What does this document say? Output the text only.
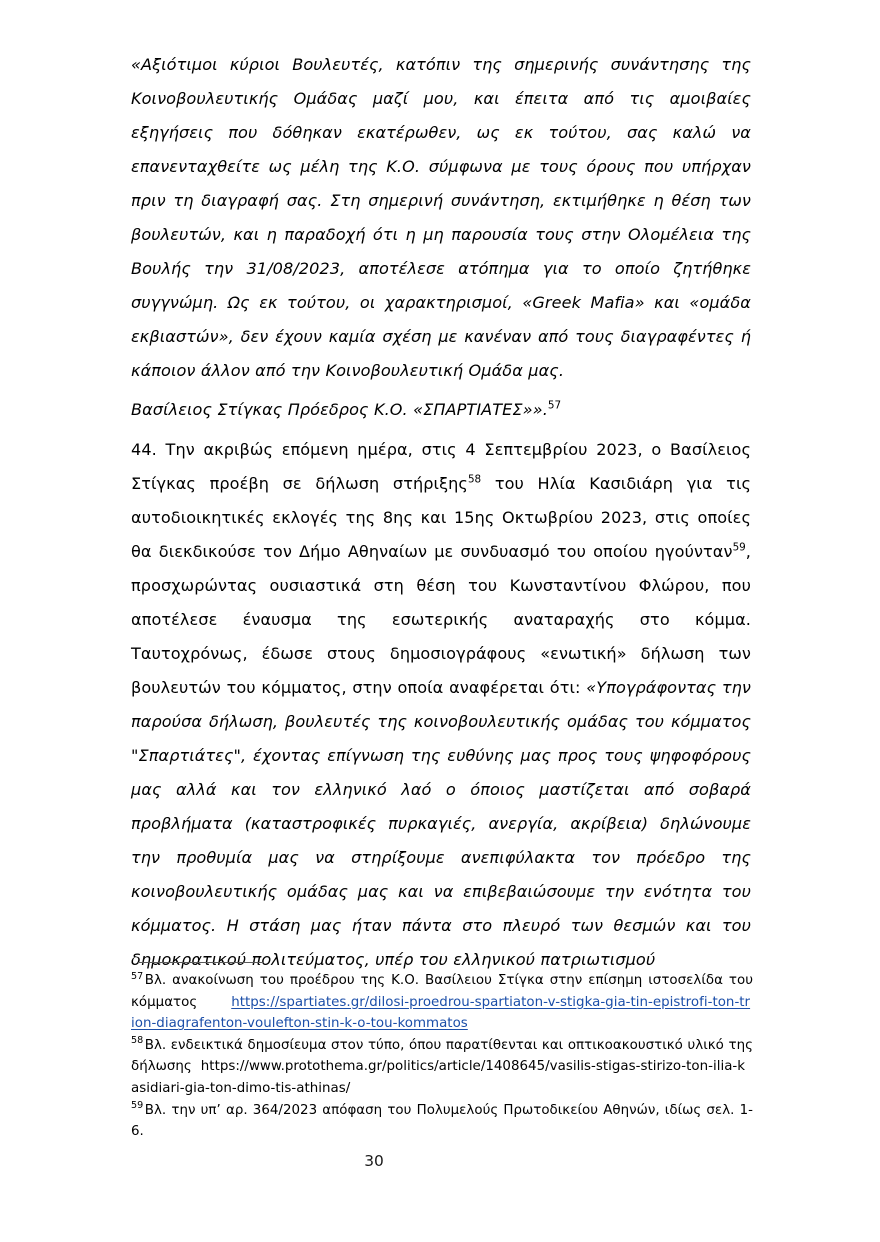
«Αξιότιμοι κύριοι Βουλευτές, κατόπιν της σημερινής συνάντησης της Κοινοβουλευτικής Ομάδας μαζί μου, και έπειτα από τις αμοιβαίες εξηγήσεις που δόθηκαν εκατέρωθεν, ως εκ τούτου, σας καλώ να επανενταχθείτε ως μέλη της Κ.Ο. σύμφωνα με τους όρους που υπήρχαν πριν τη διαγραφή σας. Στη σημερινή συνάντηση, εκτιμήθηκε η θέση των βουλευτών, και η παραδοχή ότι η μη παρουσία τους στην Ολομέλεια της Βουλής την 31/08/2023, αποτέλεσε ατόπημα για το οποίο ζητήθηκε συγγνώμη. Ως εκ τούτου, οι χαρακτηρισμοί, «Greek Mafia» και «ομάδα εκβιαστών», δεν έχουν καμία σχέση με κανέναν από τους διαγραφέντες ή κάποιον άλλον από την Κοινοβουλευτική Ομάδα μας.

Βασίλειος Στίγκας Πρόεδρος Κ.Ο. «ΣΠΑΡΤΙΑΤΕΣ»».$^{57}$

44. Την ακριβώς επόμενη ημέρα, στις 4 Σεπτεμβρίου 2023, ο Βασίλειος Στίγκας προέβη σε δήλωση στήριξης$^{58}$ του Ηλία Κασιδιάρη για τις αυτοδιοικητικές εκλογές της 8ης και 15ης Οκτωβρίου 2023, στις οποίες θα διεκδικούσε τον Δήμο Αθηναίων με συνδυασμό του οποίου ηγούνταν$^{59}$, προσχωρώντας ουσιαστικά στη θέση του Κωνσταντίνου Φλώρου, που αποτέλεσε έναυσμα της εσωτερικής αναταραχής στο κόμμα. Ταυτοχρόνως, έδωσε στους δημοσιογράφους «ενωτική» δήλωση των βουλευτών του κόμματος, στην οποία αναφέρεται ότι: «Υπογράφοντας την παρούσα δήλωση, βουλευτές της κοινοβουλευτικής ομάδας του κόμματος "Σπαρτιάτες", έχοντας επίγνωση της ευθύνης μας προς τους ψηφοφόρους μας αλλά και τον ελληνικό λαό ο όποιος μαστίζεται από σοβαρά προβλήματα (καταστροφικές πυρκαγιές, ανεργία, ακρίβεια) δηλώνουμε την προθυμία μας να στηρίξουμε ανεπιφύλακτα τον πρόεδρο της κοινοβουλευτικής ομάδας μας και να επιβεβαιώσουμε την ενότητα του κόμματος. Η στάση μας ήταν πάντα στο πλευρό των θεσμών και του δημοκρατικού πολιτεύματος, υπέρ του ελληνικού πατριωτισμού

$^{57}$ Βλ. ανακοίνωση του προέδρου της Κ.Ο. Βασίλειου Στίγκα στην επίσημη ιστοσελίδα του κόμματος	https://spartiates.gr/dilosi-proedrou-spartiaton-v-stigka-gia-tin-epistrofi-ton-trion-diagrafenton-voulefton-stin-k-o-tou-kommatos

$^{58}$ Βλ. ενδεικτικά δημοσίευμα στον τύπο, όπου παρατίθενται και οπτικοακουστικό υλικό της δήλωσης https://www.protothema.gr/politics/article/1408645/vasilis-stigas-stirizo-ton-ilia-kasidiari-gia-ton-dimo-tis-athinas/

$^{59}$ Βλ. την υπ’ αρ. 364/2023 απόφαση του Πολυμελούς Πρωτοδικείου Αθηνών, ιδίως σελ. 1-6.

30
